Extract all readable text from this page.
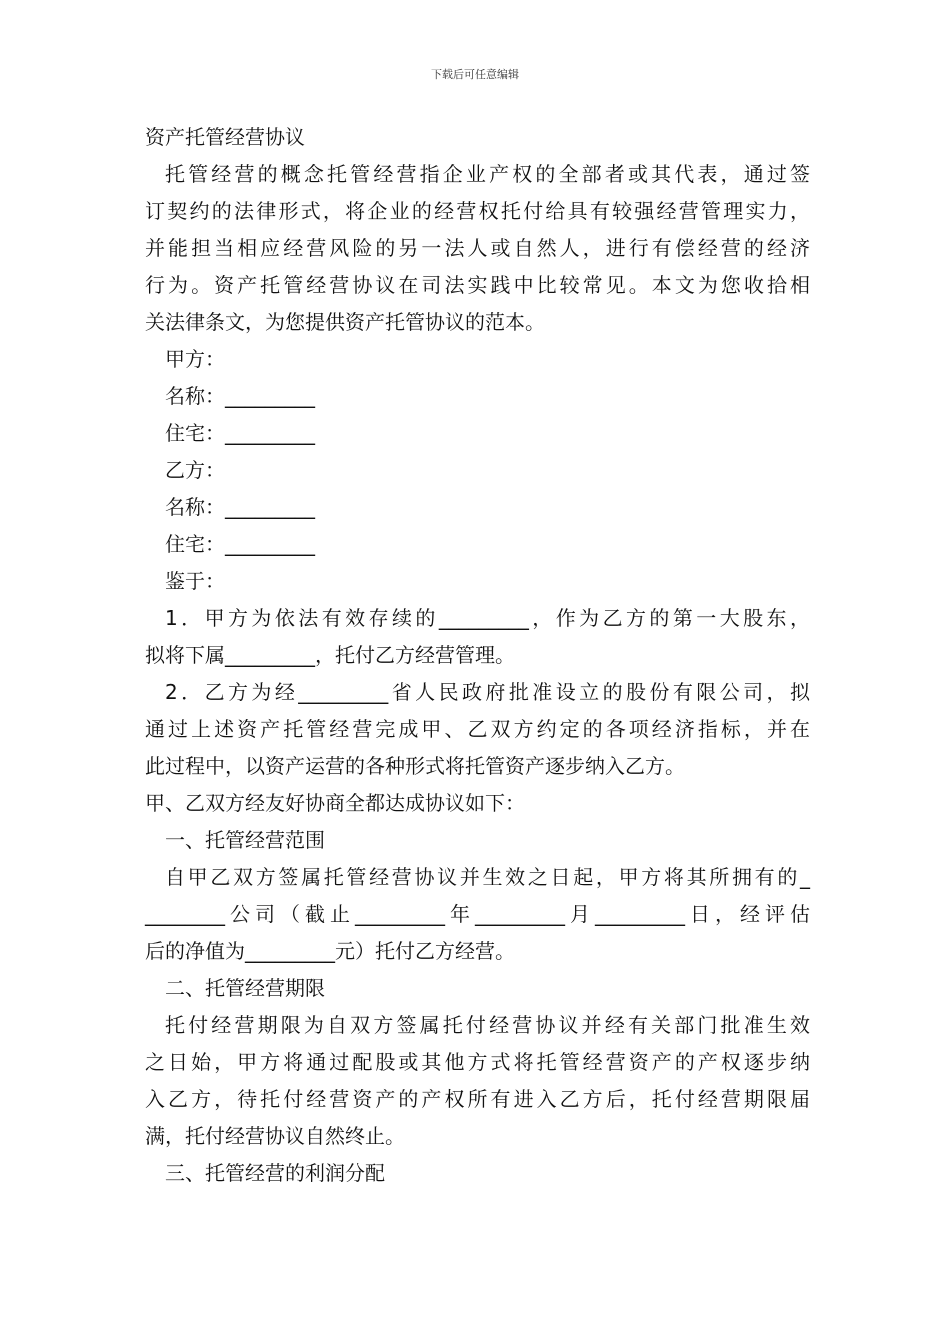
下载后可任意编辑
资产托管经营协议
托管经营的概念托管经营指企业产权的全部者或其代表，通过签
订契约的法律形式，将企业的经营权托付给具有较强经营管理实力，
并能担当相应经营风险的另一法人或自然人，进行有偿经营的经济
行为。资产托管经营协议在司法实践中比较常见。本文为您收拾相
关法律条文，为您提供资产托管协议的范本。
甲方：
名称：_________
住宅：_________
乙方：
名称：_________
住宅：_________
鉴于：
1．甲方为依法有效存续的_________，作为乙方的第一大股东，
拟将下属_________，托付乙方经营管理。
2．乙方为经_________省人民政府批准设立的股份有限公司，拟
通过上述资产托管经营完成甲、乙双方约定的各项经济指标，并在
此过程中，以资产运营的各种形式将托管资产逐步纳入乙方。
甲、乙双方经友好协商全都达成协议如下：
一、托管经营范围
自甲乙双方签属托管经营协议并生效之日起，甲方将其所拥有的_
________公司（截止_________年_________月_________日，经评估
后的净值为_________元）托付乙方经营。
二、托管经营期限
托付经营期限为自双方签属托付经营协议并经有关部门批准生效
之日始，甲方将通过配股或其他方式将托管经营资产的产权逐步纳
入乙方，待托付经营资产的产权所有进入乙方后，托付经营期限届
满，托付经营协议自然终止。
三、托管经营的利润分配
